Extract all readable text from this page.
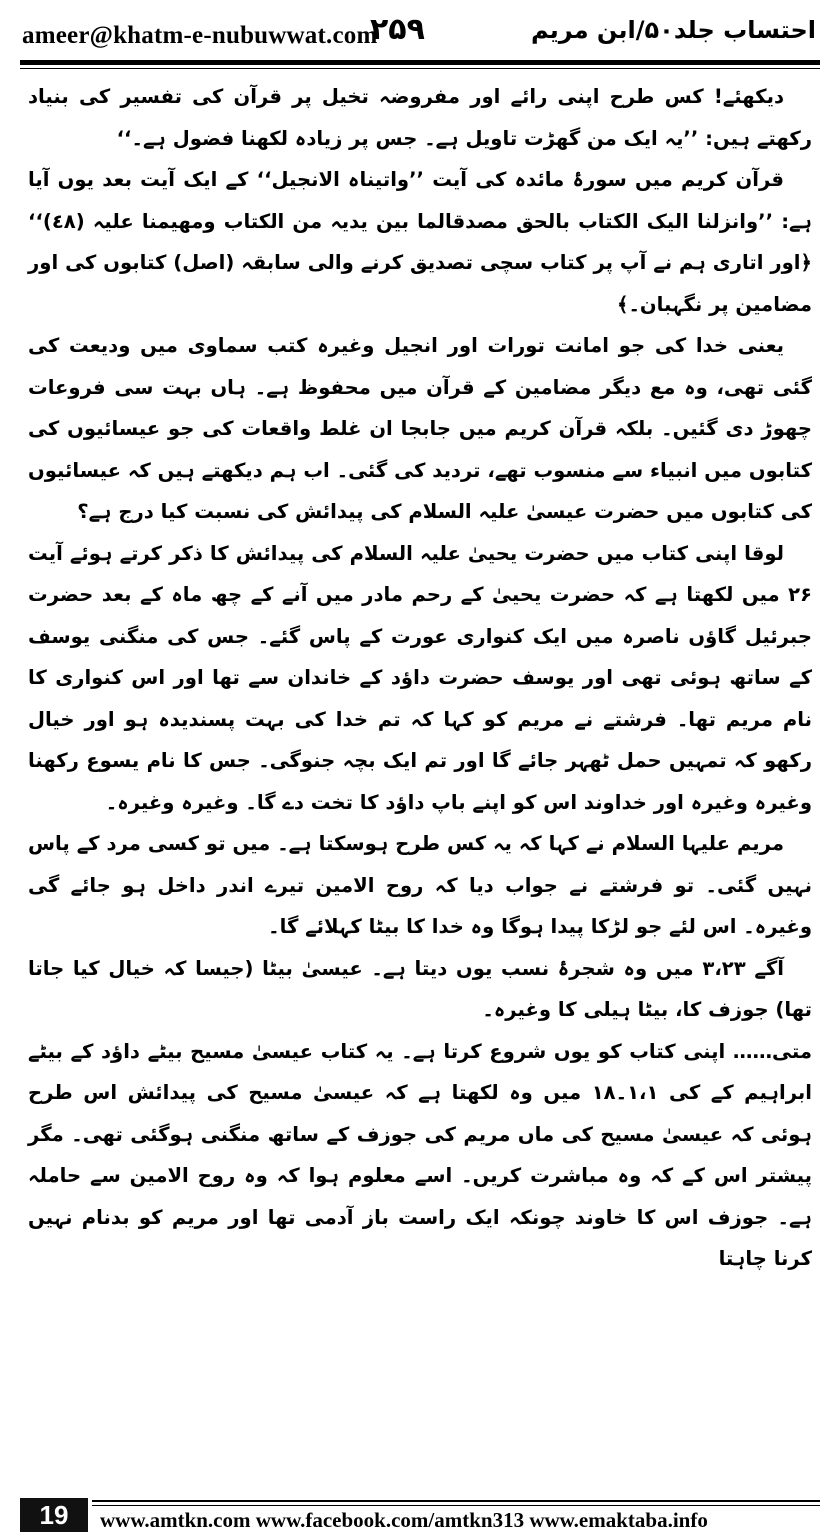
ameer@khatm-e-nubuwwat.com
۲۵۹	احتساب جلد۵۰/ابن مریم

دیکھئے! کس طرح اپنی رائے اور مفروضہ تخیل پر قرآن کی تفسیر کی بنیاد رکھتے ہیں: ’’یہ ایک من گھڑت تاویل ہے۔ جس پر زیادہ لکھنا فضول ہے۔‘‘

قرآن کریم میں سورۂ مائدہ کی آیت ’’واتیناہ الانجیل‘‘ کے ایک آیت بعد یوں آیا ہے: ’’وانزلنا الیک الکتاب بالحق مصدقالما بین یدیہ من الکتاب ومھیمنا علیہ (٤٨)‘‘ ﴿اور اتاری ہم نے آپ پر کتاب سچی تصدیق کرنے والی سابقہ (اصل) کتابوں کی اور مضامین پر نگہبان۔﴾

یعنی خدا کی جو امانت تورات اور انجیل وغیرہ کتب سماوی میں ودیعت کی گئی تھی، وہ مع دیگر مضامین کے قرآن میں محفوظ ہے۔ ہاں بہت سی فروعات چھوڑ دی گئیں۔ بلکہ قرآن کریم میں جابجا ان غلط واقعات کی جو عیسائیوں کی کتابوں میں انبیاء سے منسوب تھے، تردید کی گئی۔ اب ہم دیکھتے ہیں کہ عیسائیوں کی کتابوں میں حضرت عیسیٰ علیہ السلام کی پیدائش کی نسبت کیا درج ہے؟

لوقا اپنی کتاب میں حضرت یحییٰ علیہ السلام کی پیدائش کا ذکر کرتے ہوئے آیت ۲۶ میں لکھتا ہے کہ حضرت یحییٰ کے رحم مادر میں آنے کے چھ ماہ کے بعد حضرت جبرئیل گاؤں ناصرہ میں ایک کنواری عورت کے پاس گئے۔ جس کی منگنی یوسف کے ساتھ ہوئی تھی اور یوسف حضرت داؤد کے خاندان سے تھا اور اس کنواری کا نام مریم تھا۔ فرشتے نے مریم کو کہا کہ تم خدا کی بہت پسندیدہ ہو اور خیال رکھو کہ تمہیں حمل ٹھہر جائے گا اور تم ایک بچہ جنوگی۔ جس کا نام یسوع رکھنا وغیرہ وغیرہ اور خداوند اس کو اپنے باپ داؤد کا تخت دے گا۔ وغیرہ وغیرہ۔

مریم علیہا السلام نے کہا کہ یہ کس طرح ہوسکتا ہے۔ میں تو کسی مرد کے پاس نہیں گئی۔ تو فرشتے نے جواب دیا کہ روح الامین تیرے اندر داخل ہو جائے گی وغیرہ۔ اس لئے جو لڑکا پیدا ہوگا وہ خدا کا بیٹا کہلائے گا۔

آگے ۳،۲۳ میں وہ شجرۂ نسب یوں دیتا ہے۔ عیسیٰ بیٹا (جیسا کہ خیال کیا جاتا تھا) جوزف کا، بیٹا ہیلی کا وغیرہ۔

متی…… اپنی کتاب کو یوں شروع کرتا ہے۔ یہ کتاب عیسیٰ مسیح بیٹے داؤد کے بیٹے ابراہیم کے کی ۱،۱۔۱۸ میں وہ لکھتا ہے کہ عیسیٰ مسیح کی پیدائش اس طرح ہوئی کہ عیسیٰ مسیح کی ماں مریم کی جوزف کے ساتھ منگنی ہوگئی تھی۔ مگر پیشتر اس کے کہ وہ مباشرت کریں۔ اسے معلوم ہوا کہ وہ روح الامین سے حاملہ ہے۔ جوزف اس کا خاوند چونکہ ایک راست باز آدمی تھا اور مریم کو بدنام نہیں کرنا چاہتا

19	www.amtkn.com www.facebook.com/amtkn313 www.emaktaba.info
